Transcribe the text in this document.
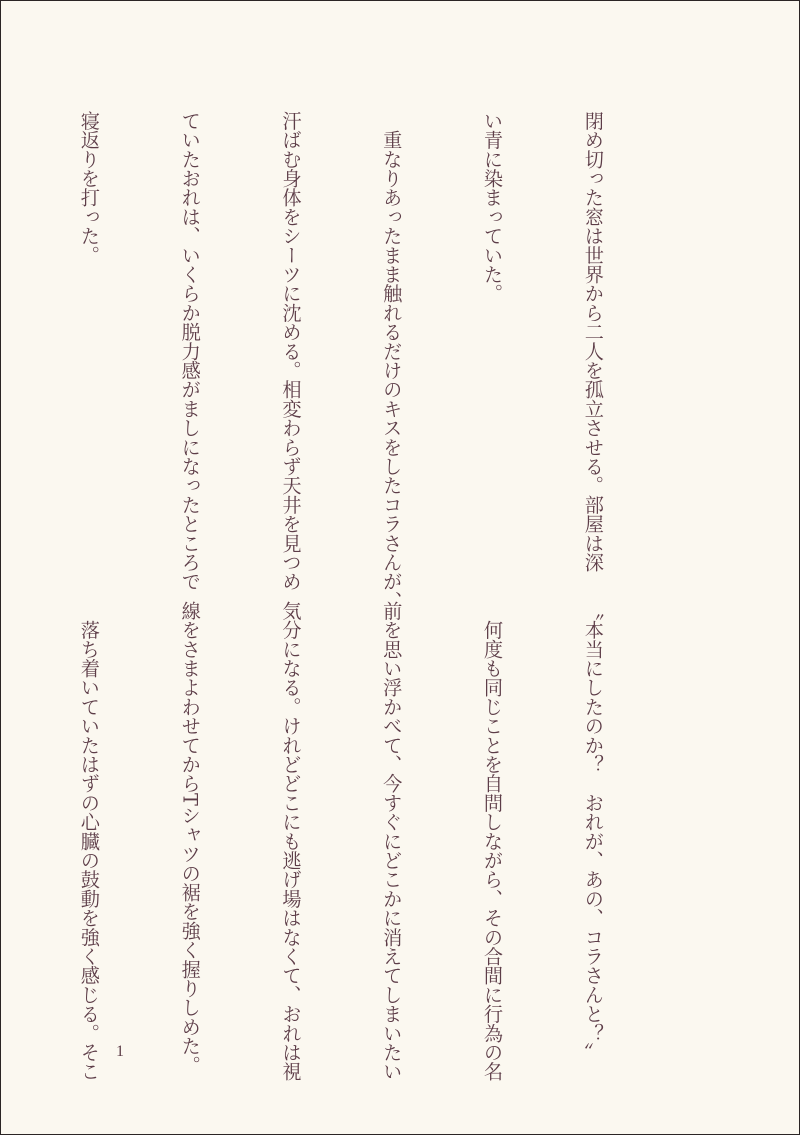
閉め切った窓は世界から二人を孤立させる。部屋は深

い青に染まっていた。

　重なりあったまま触れるだけのキスをしたコラさんが、

汗ばむ身体をシーツに沈める。相変わらず天井を見つめ

ていたおれは、いくらか脱力感がましになったところで

寝返りを打った。

〝本当にしたのか？　おれが、あの、コラさんと？〟

　何度も同じことを自問しながら、その合間に行為の名

前を思い浮かべて、今すぐにどこかに消えてしまいたい

気分になる。けれどどこにも逃げ場はなくて、おれは視

線をさまよわせてからTシャツの裾を強く握りしめた。

　落ち着いていたはずの心臓の鼓動を強く感じる。そこ

1
